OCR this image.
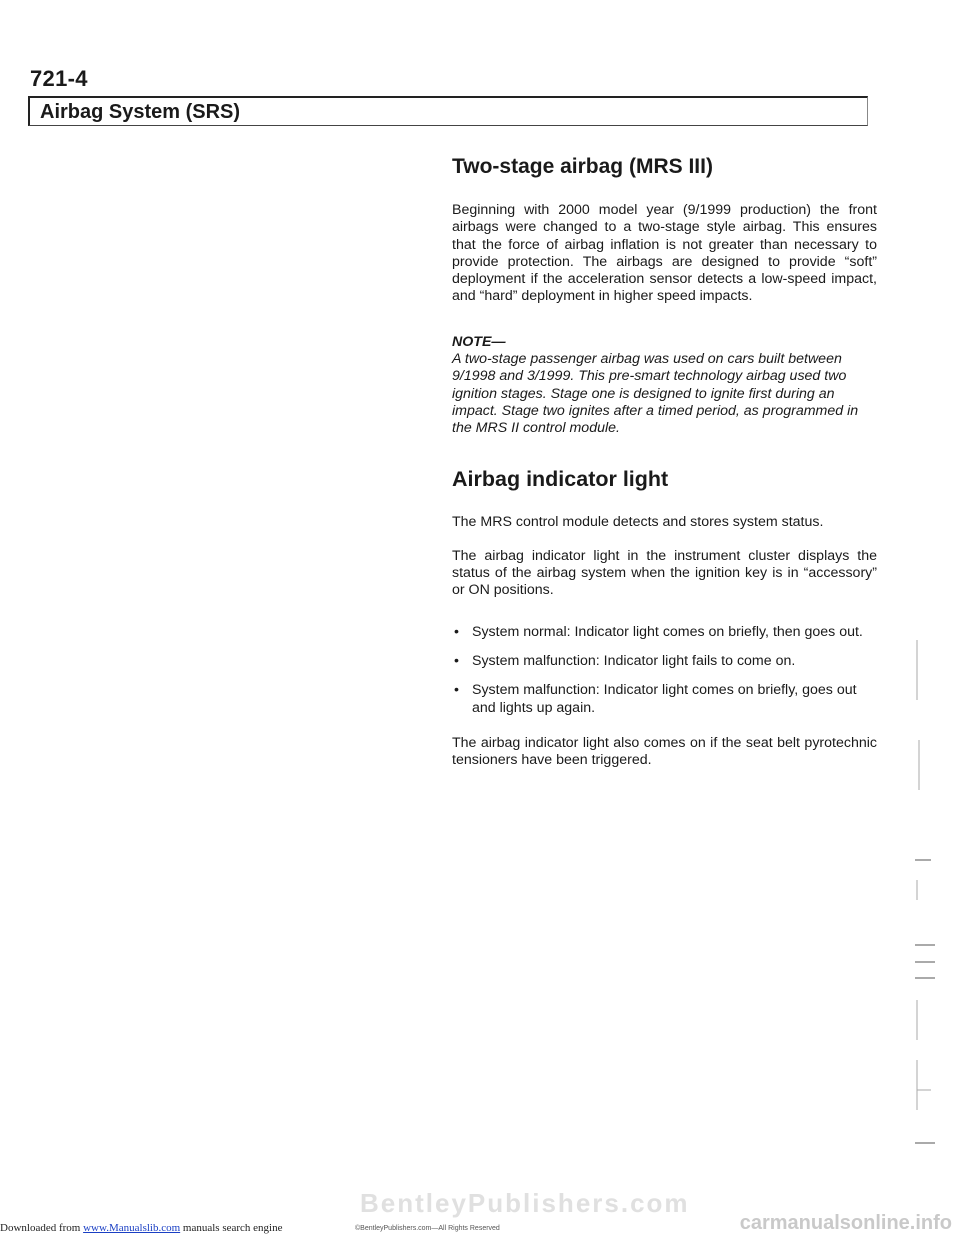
721-4
Airbag System (SRS)
Two-stage airbag (MRS III)

Beginning with 2000 model year (9/1999 production) the front airbags were changed to a two-stage style airbag. This ensures that the force of airbag inflation is not greater than necessary to provide protection. The airbags are designed to provide “soft” deployment if the acceleration sensor detects a low-speed impact, and “hard” deployment in higher speed impacts.

NOTE—
A two-stage passenger airbag was used on cars built between 9/1998 and 3/1999. This pre-smart technology airbag used two ignition stages. Stage one is designed to ignite first during an impact. Stage two ignites after a timed period, as programmed in the MRS II control module.
Airbag indicator light

The MRS control module detects and stores system status.

The airbag indicator light in the instrument cluster displays the status of the airbag system when the ignition key is in “accessory” or ON positions.

• System normal: Indicator light comes on briefly, then goes out.
• System malfunction: Indicator light fails to come on.
• System malfunction: Indicator light comes on briefly, goes out and lights up again.

The airbag indicator light also comes on if the seat belt pyrotechnic tensioners have been triggered.

BentleyPublishers.com
Downloaded from www.Manualslib.com manuals search engine	©BentleyPublishers.com—All Rights Reserved	carmanualsonline.info
